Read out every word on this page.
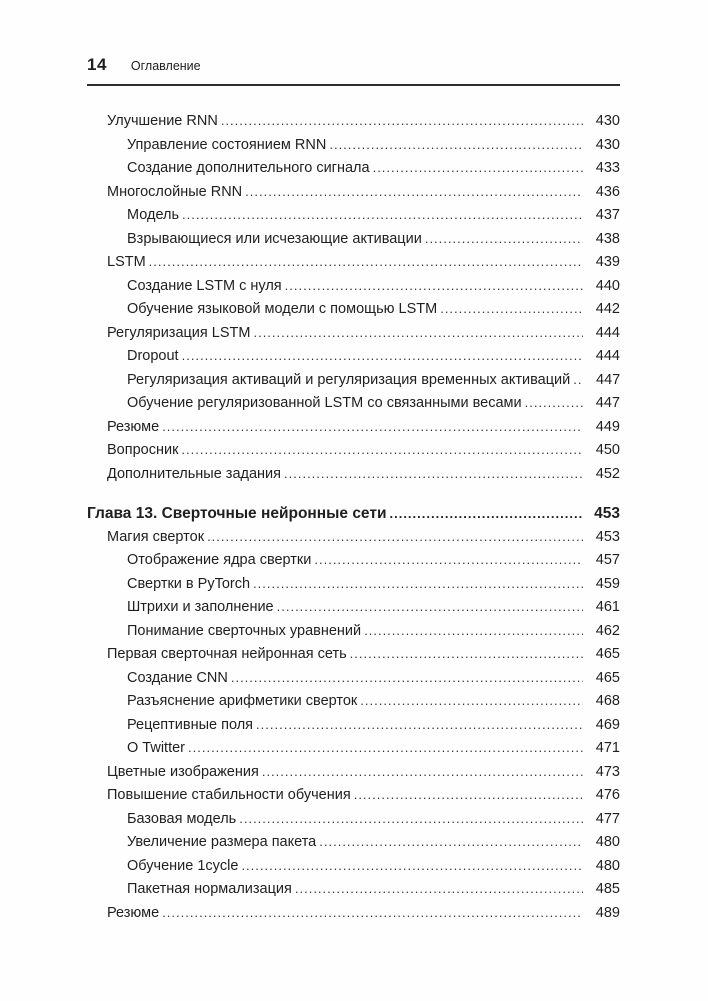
14 Оглавление
Улучшение RNN .....	430
Управление состоянием RNN .....	430
Создание дополнительного сигнала .....	433
Многослойные RNN .....	436
Модель .....	437
Взрывающиеся или исчезающие активации .....	438
LSTM .....	439
Создание LSTM с нуля .....	440
Обучение языковой модели с помощью LSTM .....	442
Регуляризация LSTM .....	444
Dropout .....	444
Регуляризация активаций и регуляризация временных активаций .....	447
Обучение регуляризованной LSTM со связанными весами .....	447
Резюме .....	449
Вопросник .....	450
Дополнительные задания .....	452
Глава 13. Сверточные нейронные сети .....	453
Магия сверток .....	453
Отображение ядра свертки .....	457
Свертки в PyTorch .....	459
Штрихи и заполнение .....	461
Понимание сверточных уравнений .....	462
Первая сверточная нейронная сеть .....	465
Создание CNN .....	465
Разъяснение арифметики сверток .....	468
Рецептивные поля .....	469
О Twitter .....	471
Цветные изображения .....	473
Повышение стабильности обучения .....	476
Базовая модель .....	477
Увеличение размера пакета .....	480
Обучение 1cycle .....	480
Пакетная нормализация .....	485
Резюме .....	489
